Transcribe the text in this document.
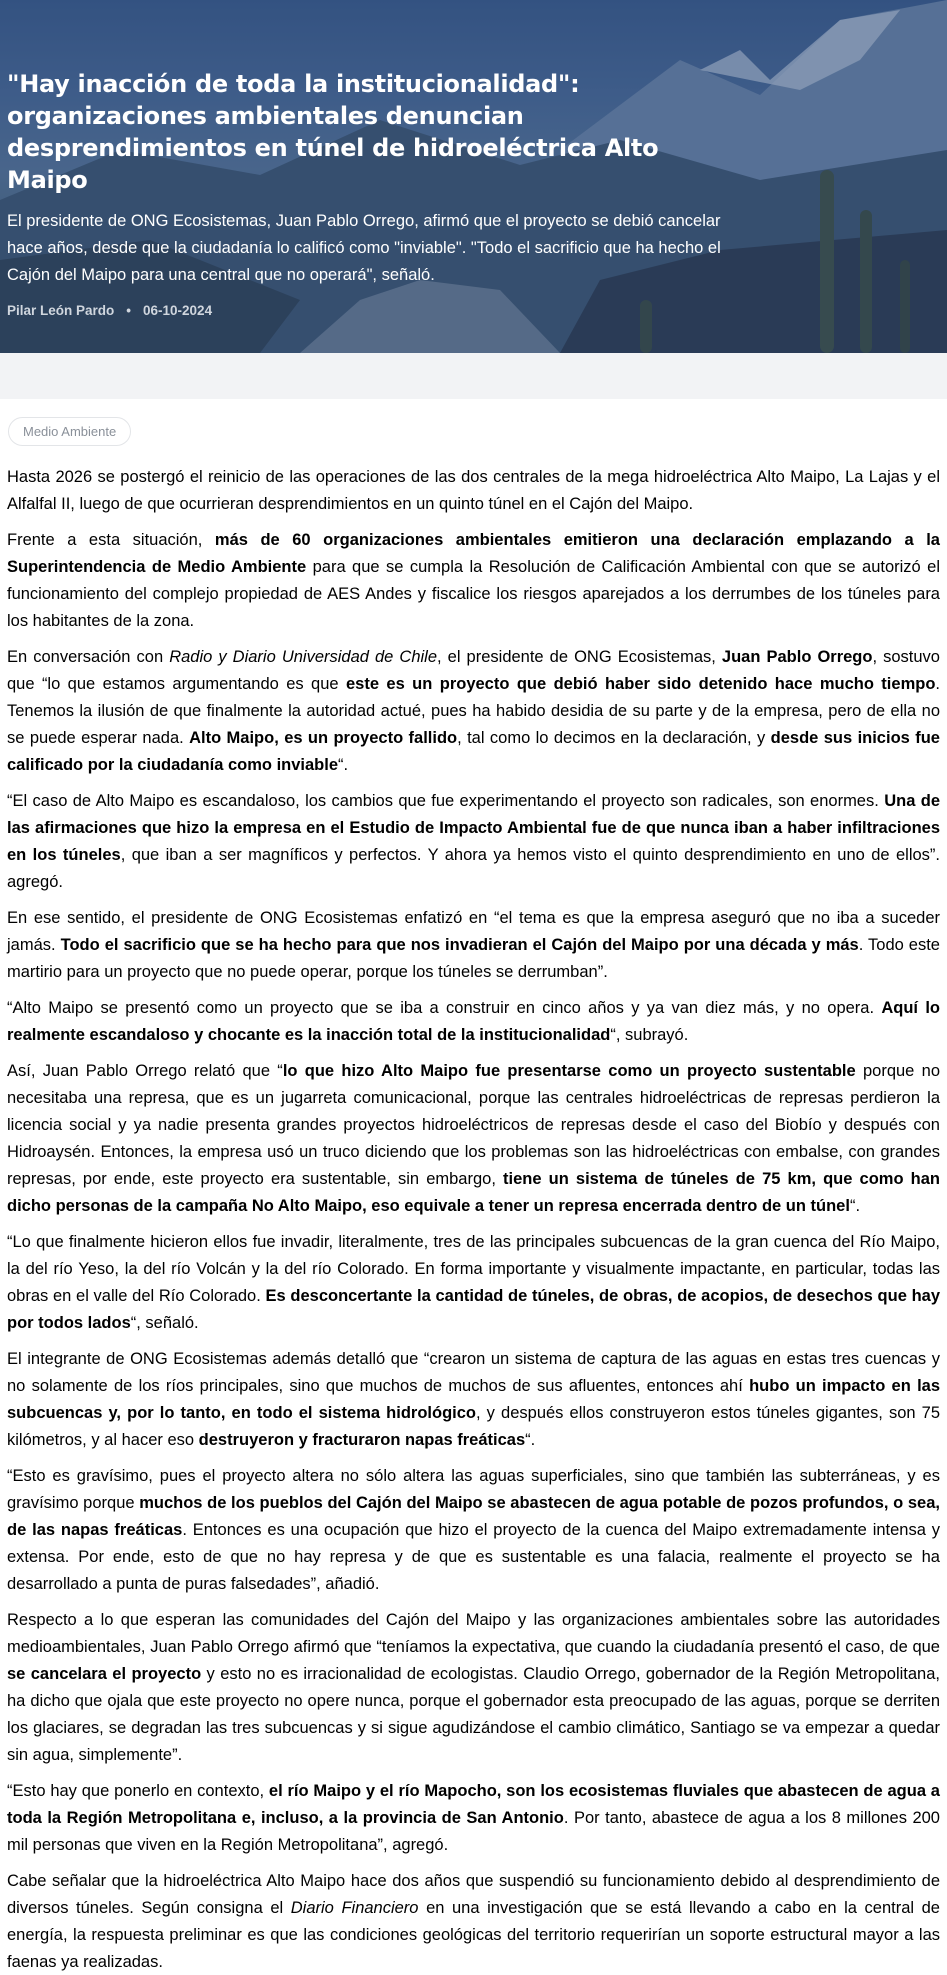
"Hay inacción de toda la institucionalidad": organizaciones ambientales denuncian desprendimientos en túnel de hidroeléctrica Alto Maipo

El presidente de ONG Ecosistemas, Juan Pablo Orrego, afirmó que el proyecto se debió cancelar hace años, desde que la ciudadanía lo calificó como "inviable". "Todo el sacrificio que ha hecho el Cajón del Maipo para una central que no operará", señaló.

Pilar León Pardo • 06-10-2024
Medio Ambiente

Hasta 2026 se postergó el reinicio de las operaciones de las dos centrales de la mega hidroeléctrica Alto Maipo, La Lajas y el Alfalfal II, luego de que ocurrieran desprendimientos en un quinto túnel en el Cajón del Maipo.

Frente a esta situación, más de 60 organizaciones ambientales emitieron una declaración emplazando a la Superintendencia de Medio Ambiente para que se cumpla la Resolución de Calificación Ambiental con que se autorizó el funcionamiento del complejo propiedad de AES Andes y fiscalice los riesgos aparejados a los derrumbes de los túneles para los habitantes de la zona.

En conversación con Radio y Diario Universidad de Chile, el presidente de ONG Ecosistemas, Juan Pablo Orrego, sostuvo que “lo que estamos argumentando es que este es un proyecto que debió haber sido detenido hace mucho tiempo. Tenemos la ilusión de que finalmente la autoridad actué, pues ha habido desidia de su parte y de la empresa, pero de ella no se puede esperar nada. Alto Maipo, es un proyecto fallido, tal como lo decimos en la declaración, y desde sus inicios fue calificado por la ciudadanía como inviable“.

“El caso de Alto Maipo es escandaloso, los cambios que fue experimentando el proyecto son radicales, son enormes. Una de las afirmaciones que hizo la empresa en el Estudio de Impacto Ambiental fue de que nunca iban a haber infiltraciones en los túneles, que iban a ser magníficos y perfectos. Y ahora ya hemos visto el quinto desprendimiento en uno de ellos”. agregó.

En ese sentido, el presidente de ONG Ecosistemas enfatizó en “el tema es que la empresa aseguró que no iba a suceder jamás. Todo el sacrificio que se ha hecho para que nos invadieran el Cajón del Maipo por una década y más. Todo este martirio para un proyecto que no puede operar, porque los túneles se derrumban”.

“Alto Maipo se presentó como un proyecto que se iba a construir en cinco años y ya van diez más, y no opera. Aquí lo realmente escandaloso y chocante es la inacción total de la institucionalidad“, subrayó.

Así, Juan Pablo Orrego relató que “lo que hizo Alto Maipo fue presentarse como un proyecto sustentable porque no necesitaba una represa, que es un jugarreta comunicacional, porque las centrales hidroeléctricas de represas perdieron la licencia social y ya nadie presenta grandes proyectos hidroeléctricos de represas desde el caso del Biobío y después con Hidroaysén. Entonces, la empresa usó un truco diciendo que los problemas son las hidroeléctricas con embalse, con grandes represas, por ende, este proyecto era sustentable, sin embargo, tiene un sistema de túneles de 75 km, que como han dicho personas de la campaña No Alto Maipo, eso equivale a tener un represa encerrada dentro de un túnel“.

“Lo que finalmente hicieron ellos fue invadir, literalmente, tres de las principales subcuencas de la gran cuenca del Río Maipo, la del río Yeso, la del río Volcán y la del río Colorado. En forma importante y visualmente impactante, en particular, todas las obras en el valle del Río Colorado. Es desconcertante la cantidad de túneles, de obras, de acopios, de desechos que hay por todos lados“, señaló.

El integrante de ONG Ecosistemas además detalló que “crearon un sistema de captura de las aguas en estas tres cuencas y no solamente de los ríos principales, sino que muchos de muchos de sus afluentes, entonces ahí hubo un impacto en las subcuencas y, por lo tanto, en todo el sistema hidrológico, y después ellos construyeron estos túneles gigantes, son 75 kilómetros, y al hacer eso destruyeron y fracturaron napas freáticas“.

“Esto es gravísimo, pues el proyecto altera no sólo altera las aguas superficiales, sino que también las subterráneas, y es gravísimo porque muchos de los pueblos del Cajón del Maipo se abastecen de agua potable de pozos profundos, o sea, de las napas freáticas. Entonces es una ocupación que hizo el proyecto de la cuenca del Maipo extremadamente intensa y extensa. Por ende, esto de que no hay represa y de que es sustentable es una falacia, realmente el proyecto se ha desarrollado a punta de puras falsedades”, añadió.

Respecto a lo que esperan las comunidades del Cajón del Maipo y las organizaciones ambientales sobre las autoridades medioambientales, Juan Pablo Orrego afirmó que “teníamos la expectativa, que cuando la ciudadanía presentó el caso, de que se cancelara el proyecto y esto no es irracionalidad de ecologistas. Claudio Orrego, gobernador de la Región Metropolitana, ha dicho que ojala que este proyecto no opere nunca, porque el gobernador esta preocupado de las aguas, porque se derriten los glaciares, se degradan las tres subcuencas y si sigue agudizándose el cambio climático, Santiago se va empezar a quedar sin agua, simplemente”.

“Esto hay que ponerlo en contexto, el río Maipo y el río Mapocho, son los ecosistemas fluviales que abastecen de agua a toda la Región Metropolitana e, incluso, a la provincia de San Antonio. Por tanto, abastece de agua a los 8 millones 200 mil personas que viven en la Región Metropolitana”, agregó.

Cabe señalar que la hidroeléctrica Alto Maipo hace dos años que suspendió su funcionamiento debido al desprendimiento de diversos túneles. Según consigna el Diario Financiero en una investigación que se está llevando a cabo en la central de energía, la respuesta preliminar es que las condiciones geológicas del territorio requerirían un soporte estructural mayor a las faenas ya realizadas.
